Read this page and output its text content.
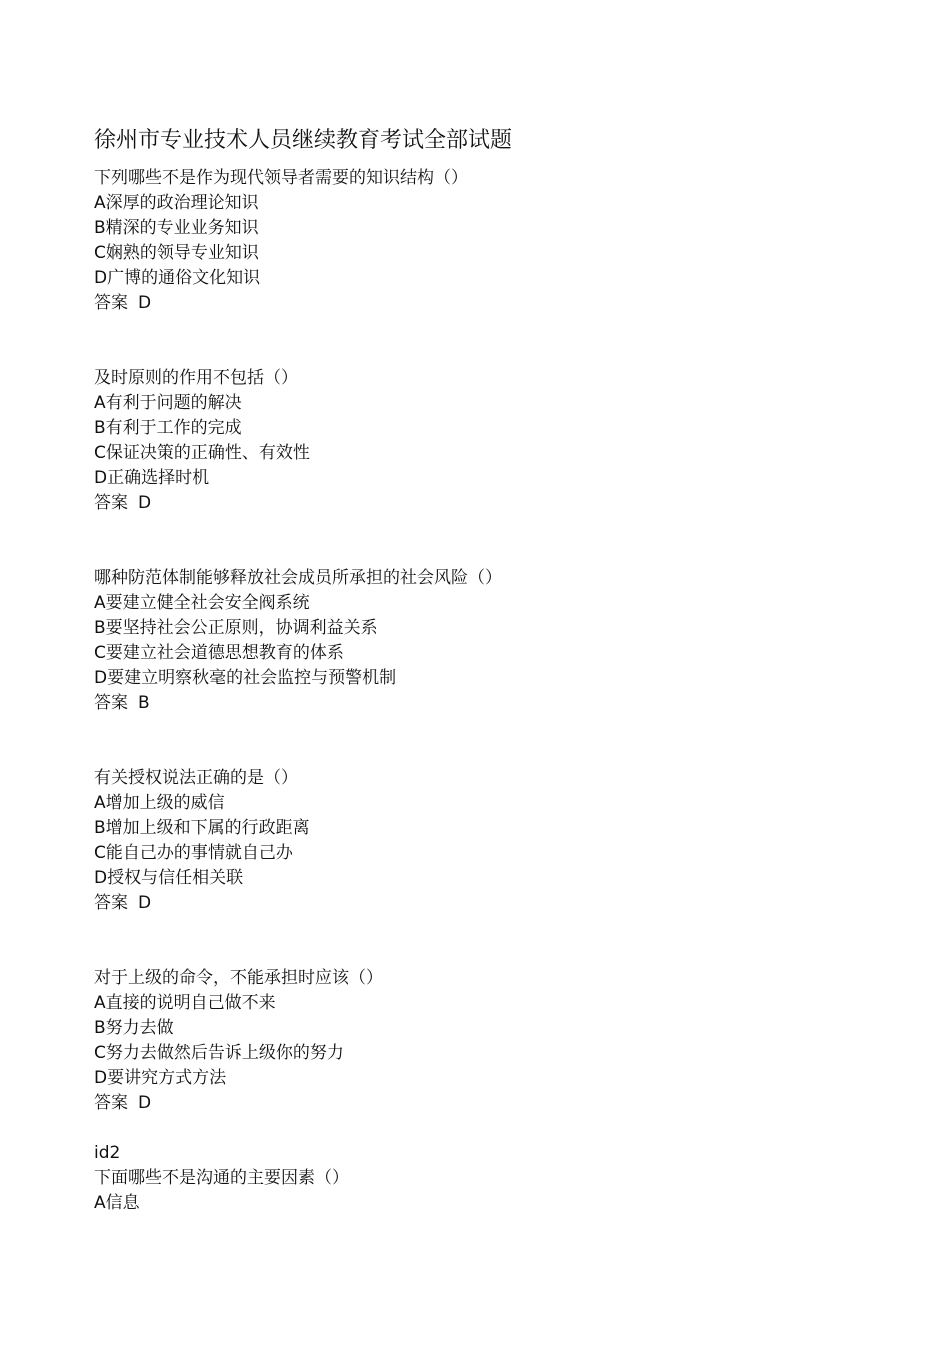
徐州市专业技术人员继续教育考试全部试题
下列哪些不是作为现代领导者需要的知识结构（）
A深厚的政治理论知识
B精深的专业业务知识
C娴熟的领导专业知识
D广博的通俗文化知识
答案 D
及时原则的作用不包括（）
A有利于问题的解决
B有利于工作的完成
C保证决策的正确性、有效性
D正确选择时机
答案 D
哪种防范体制能够释放社会成员所承担的社会风险（）
A要建立健全社会安全阀系统
B要坚持社会公正原则，协调利益关系
C要建立社会道德思想教育的体系
D要建立明察秋毫的社会监控与预警机制
答案 B
有关授权说法正确的是（）
A增加上级的威信
B增加上级和下属的行政距离
C能自己办的事情就自己办
D授权与信任相关联
答案 D
对于上级的命令，不能承担时应该（）
A直接的说明自己做不来
B努力去做
C努力去做然后告诉上级你的努力
D要讲究方式方法
答案 D
id2
下面哪些不是沟通的主要因素（）
A信息
